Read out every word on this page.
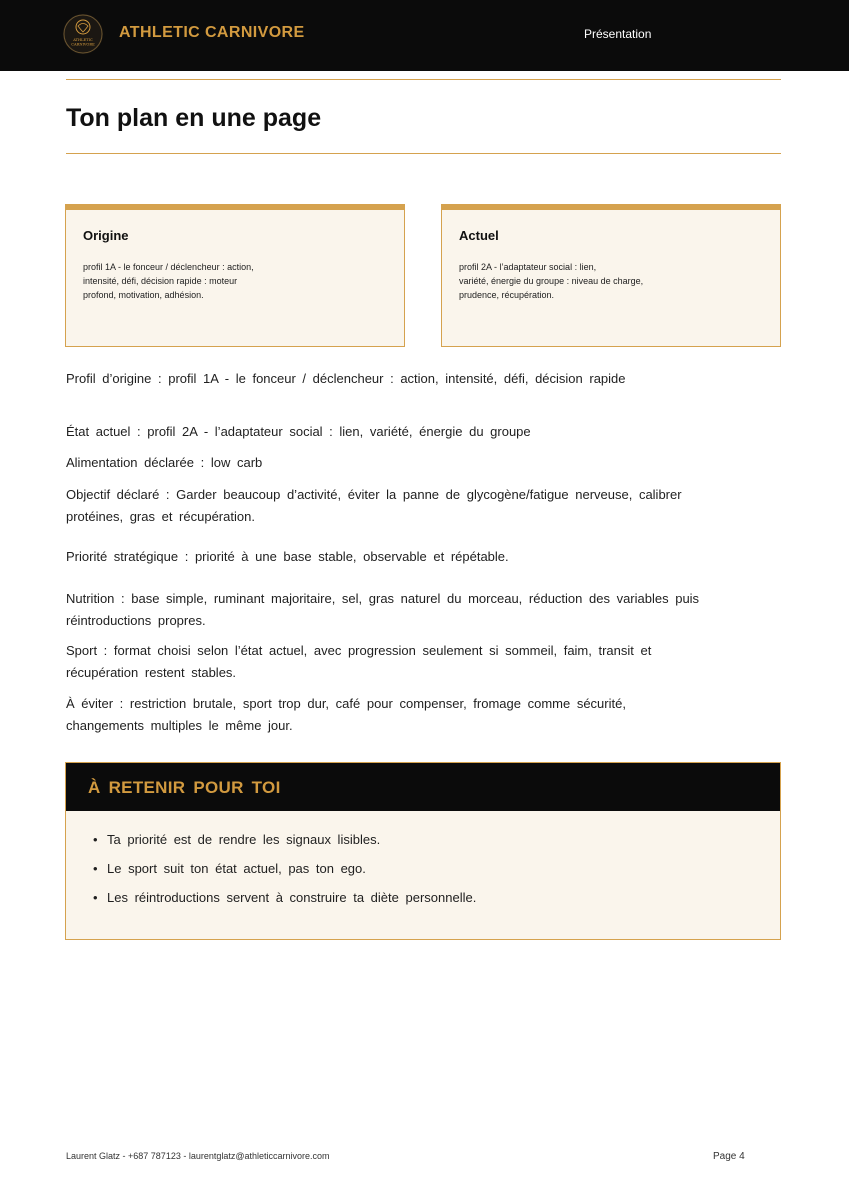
ATHLETIC
CARNIVORE
ATHLETIC CARNIVORE	Présentation
Ton plan en une page
Origine
profil 1A - le fonceur / déclencheur : action,
intensité, défi, décision rapide : moteur
profond, motivation, adhésion.
Actuel
profil 2A - l’adaptateur social : lien,
variété, énergie du groupe : niveau de charge,
prudence, récupération.

Profil d’origine : profil 1A - le fonceur / déclencheur : action, intensité, défi, décision rapide

État actuel : profil 2A - l’adaptateur social : lien, variété, énergie du groupe

Alimentation déclarée : low carb

Objectif déclaré : Garder beaucoup d’activité, éviter la panne de glycogène/fatigue nerveuse, calibrer protéines, gras et récupération.

Priorité stratégique : priorité à une base stable, observable et répétable.

Nutrition : base simple, ruminant majoritaire, sel, gras naturel du morceau, réduction des variables puis réintroductions propres.

Sport : format choisi selon l’état actuel, avec progression seulement si sommeil, faim, transit et récupération restent stables.

À éviter : restriction brutale, sport trop dur, café pour compenser, fromage comme sécurité, changements multiples le même jour.

À RETENIR POUR TOI
• Ta priorité est de rendre les signaux lisibles.
• Le sport suit ton état actuel, pas ton ego.
• Les réintroductions servent à construire ta diète personnelle.
Laurent Glatz - +687 787123 - laurentglatz@athleticcarnivore.com	Page 4
